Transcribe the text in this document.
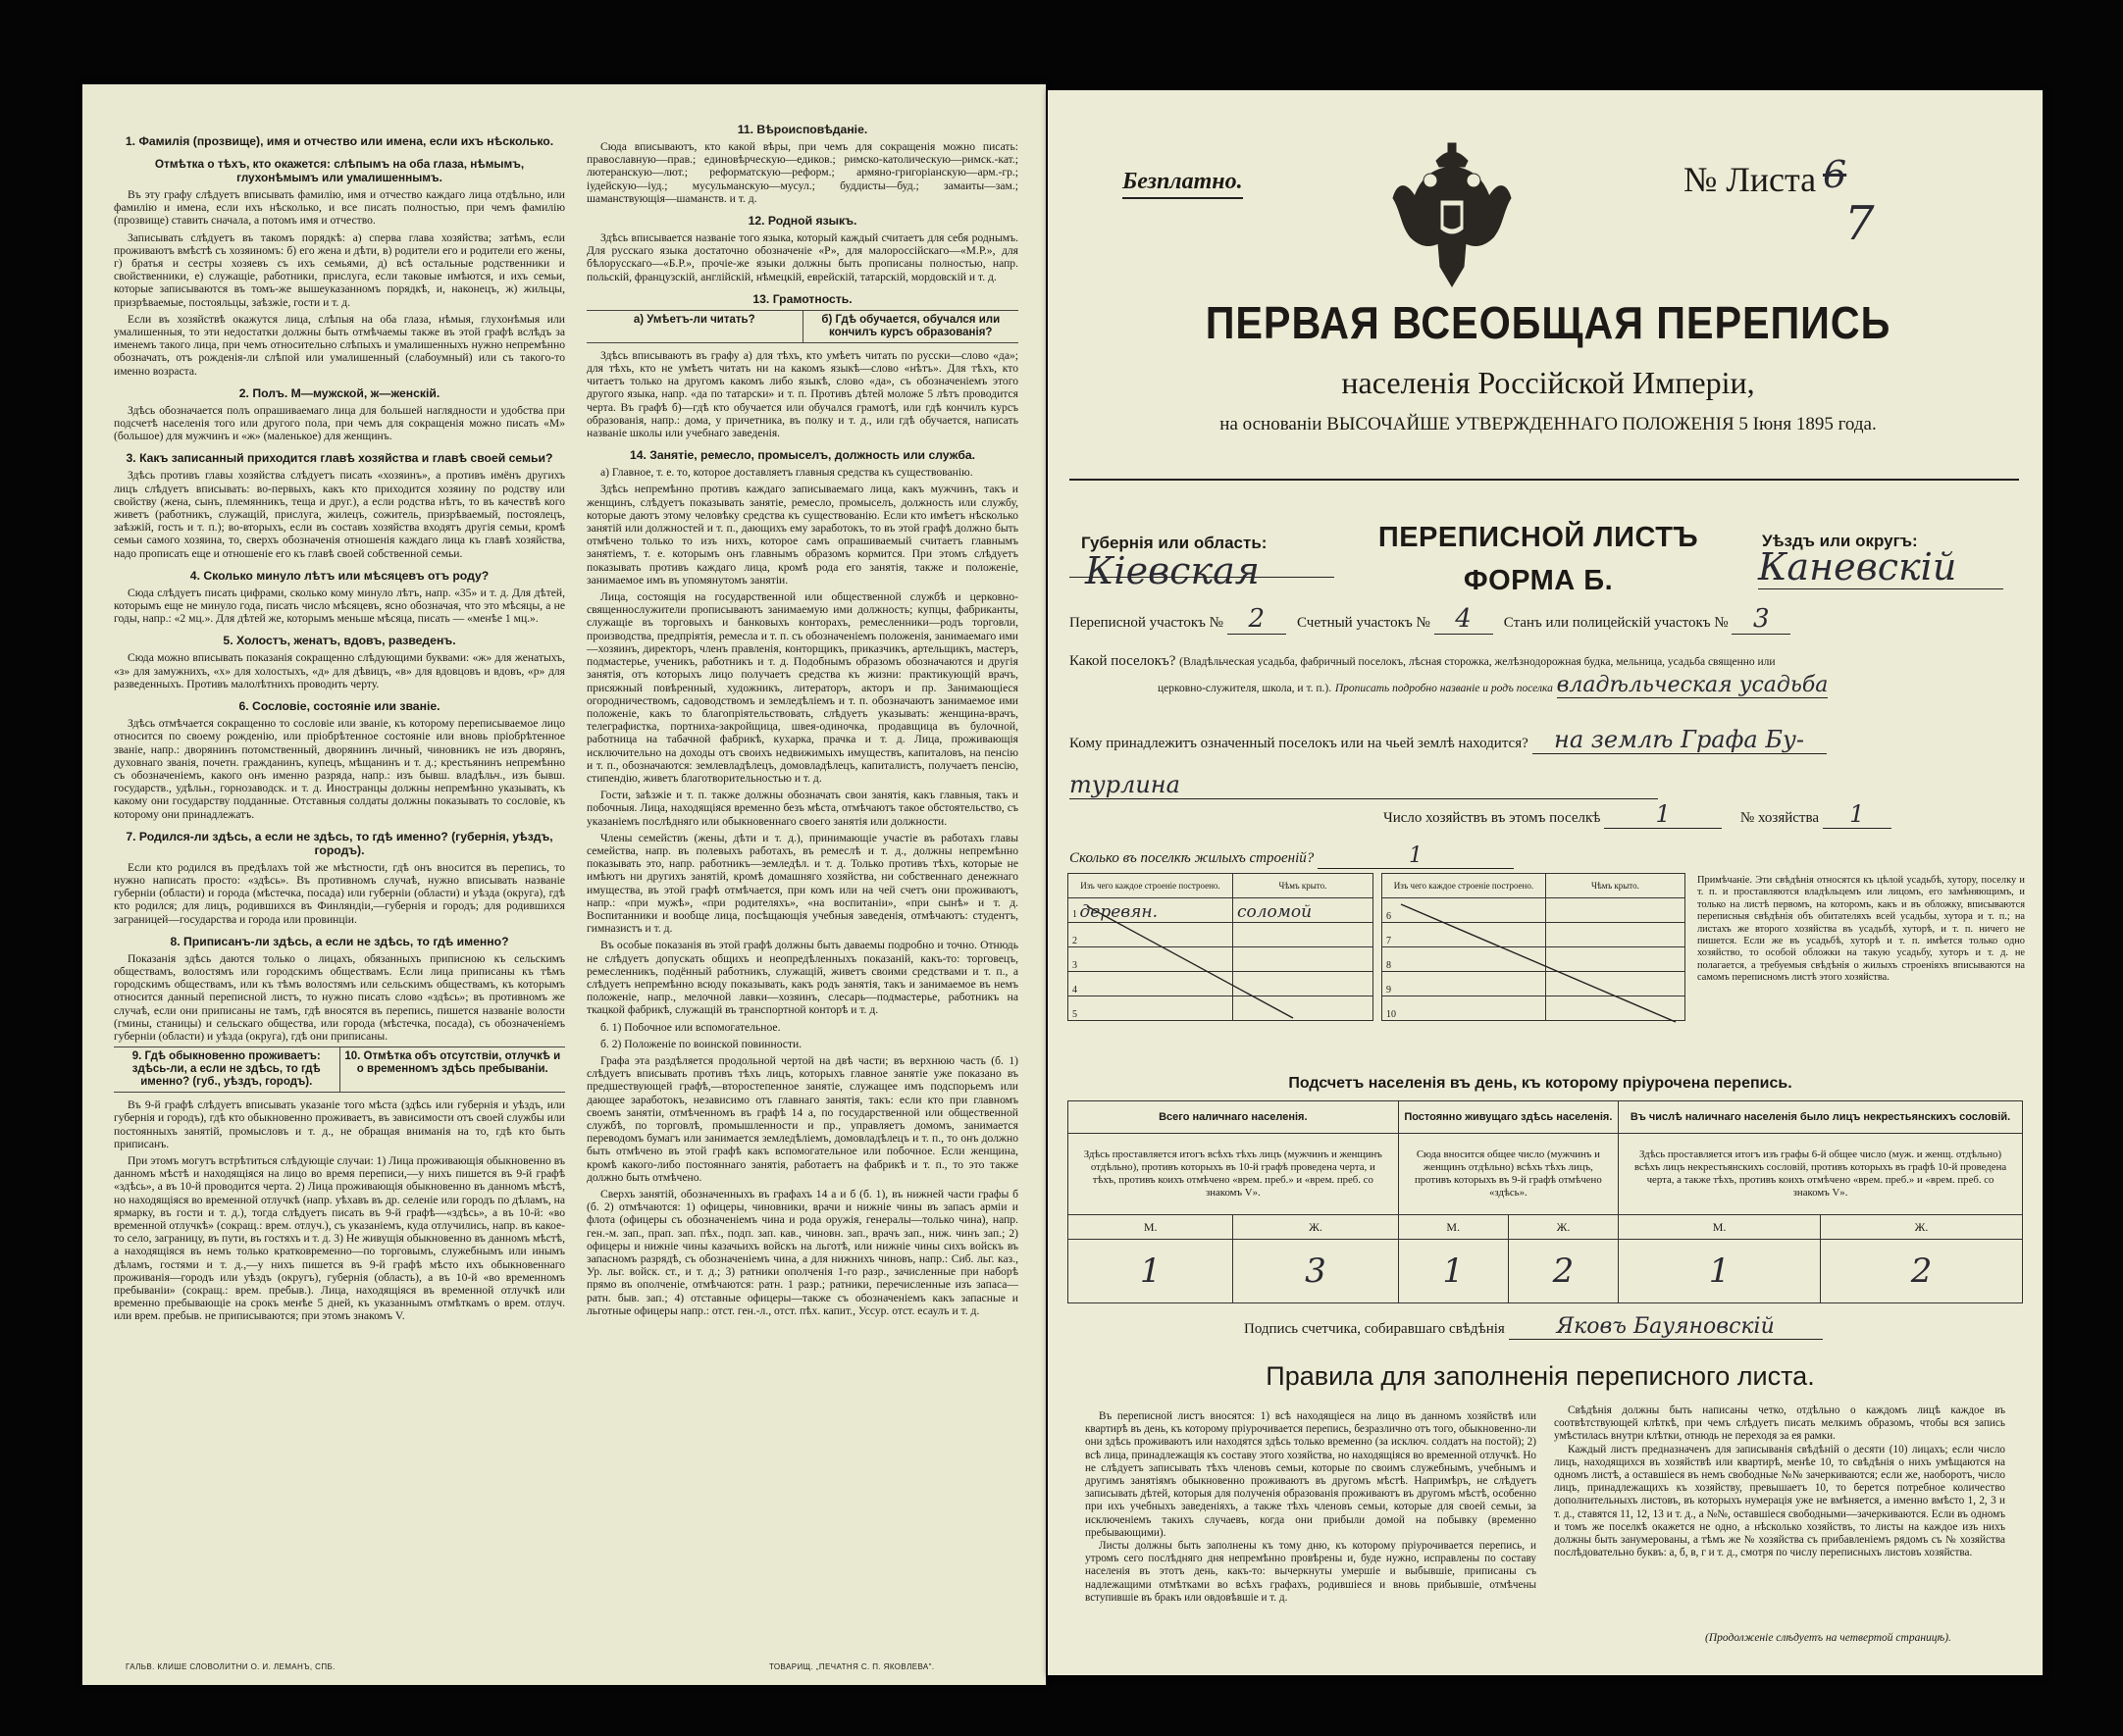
1. Фамилія (прозвище), имя и отчество или имена, если ихъ нѣсколько.
Отмѣтка о тѣхъ, кто окажется: слѣпымъ на оба глаза, нѣмымъ, глухонѣмымъ или умалишеннымъ.

Въ эту графу слѣдуетъ вписывать фамилію, имя и отчество каждаго лица отдѣльно, или фамилію и имена, если ихъ нѣсколько, и все писать полностью, при чемъ фамилію (прозвище) ставить сначала, а потомъ имя и отчество.

Записывать слѣдуетъ въ такомъ порядкѣ: а) сперва глава хозяйства; затѣмъ, если проживаютъ вмѣстѣ съ хозяиномъ: б) его жена и дѣти, в) родители его и родители его жены, г) братья и сестры хозяевъ съ ихъ семьями, д) всѣ остальные родственники и свойственники, е) служащіе, работники, прислуга, если таковые имѣются, и ихъ семьи, которые записываются въ томъ-же вышеуказанномъ порядкѣ, и, наконецъ, ж) жильцы, призрѣваемые, постояльцы, заѣзжіе, гости и т. д.

Если въ хозяйствѣ окажутся лица, слѣпыя на оба глаза, нѣмыя, глухонѣмыя или умалишенныя, то эти недостатки должны быть отмѣчаемы также въ этой графѣ вслѣдъ за именемъ такого лица, при чемъ относительно слѣпыхъ и умалишенныхъ нужно непремѣнно обозначать, отъ рожденія-ли слѣпой или умалишенный (слабоумный) или съ такого-то именно возраста.

2. Полъ. М—мужской, ж—женскій.

Здѣсь обозначается полъ опрашиваемаго лица для большей наглядности и удобства при подсчетѣ населенія того или другого пола, при чемъ для сокращенія можно писать «М» (большое) для мужчинъ и «ж» (маленькое) для женщинъ.

3. Какъ записанный приходится главѣ хозяйства и главѣ своей семьи?

Здѣсь противъ главы хозяйства слѣдуетъ писать «хозяинъ», а противъ имёнъ другихъ лицъ слѣдуетъ вписывать: во-первыхъ, какъ кто приходится хозяину по родству или свойству (жена, сынъ, племянникъ, теща и друг.), а если родства нѣтъ, то въ качествѣ кого живетъ (работникъ, служащій, прислуга, жилецъ, сожитель, призрѣваемый, постоялецъ, заѣзжій, гость и т. п.); во-вторыхъ, если въ составъ хозяйства входятъ другія семьи, кромѣ семьи самого хозяина, то, сверхъ обозначенія отношенія каждаго лица къ главѣ хозяйства, надо прописать еще и отношеніе его къ главѣ своей собственной семьи.

4. Сколько минуло лѣтъ или мѣсяцевъ отъ роду?

Сюда слѣдуетъ писать цифрами, сколько кому минуло лѣтъ, напр. «35» и т. д. Для дѣтей, которымъ еще не минуло года, писать число мѣсяцевъ, ясно обозначая, что это мѣсяцы, а не годы, напр.: «2 мц.». Для дѣтей же, которымъ меньше мѣсяца, писать — «менѣе 1 мц.».

5. Холостъ, женатъ, вдовъ, разведенъ.

Сюда можно вписывать показанія сокращенно слѣдующими буквами: «ж» для женатыхъ, «з» для замужнихъ, «х» для холостыхъ, «д» для дѣвицъ, «в» для вдовцовъ и вдовъ, «р» для разведенныхъ. Противъ малолѣтнихъ проводить черту.

6. Сословіе, состояніе или званіе.

Здѣсь отмѣчается сокращенно то сословіе или званіе, къ которому переписываемое лицо относится по своему рожденію, или пріобрѣтенное состояніе или вновь пріобрѣтенное званіе, напр.: дворянинъ потомственный, дворянинъ личный, чиновникъ не изъ дворянъ, духовнаго званія, почетн. гражданинъ, купецъ, мѣщанинъ и т. д.; крестьянинъ непремѣнно съ обозначеніемъ, какого онъ именно разряда, напр.: изъ бывш. владѣльч., изъ бывш. государств., удѣльн., горнозаводск. и т. д. Иностранцы должны непремѣнно указывать, къ какому они государству подданные. Отставныя солдаты должны показывать то сословіе, къ которому они принадлежатъ.

7. Родился-ли здѣсь, а если не здѣсь, то гдѣ именно? (губернія, уѣздъ, городъ).

Если кто родился въ предѣлахъ той же мѣстности, гдѣ онъ вносится въ перепись, то нужно написать просто: «здѣсь». Въ противномъ случаѣ, нужно вписывать названіе губерніи (области) и города (мѣстечка, посада) или губерніи (области) и уѣзда (округа), гдѣ кто родился; для лицъ, родившихся въ Финляндіи,—губернія и городъ; для родившихся заграницей—государства и города или провинціи.

8. Приписанъ-ли здѣсь, а если не здѣсь, то гдѣ именно?

Показанія здѣсь даются только о лицахъ, обязанныхъ приписною къ сельскимъ обществамъ, волостямъ или городскимъ обществамъ. Если лица приписаны къ тѣмъ городскимъ обществамъ, или къ тѣмъ волостямъ или сельскимъ обществамъ, къ которымъ относится данный переписной листъ, то нужно писать слово «здѣсь»; въ противномъ же случаѣ, если они приписаны не тамъ, гдѣ вносятся въ перепись, пишется названіе волости (гмины, станицы) и сельскаго общества, или города (мѣстечка, посада), съ обозначеніемъ губерніи (области) и уѣзда (округа), гдѣ они приписаны.

9. Гдѣ обыкновенно проживаетъ: здѣсь-ли, а если не здѣсь, то гдѣ именно? (губ., уѣздъ, городъ).
10. Отмѣтка объ отсутствіи, отлучкѣ и о временномъ здѣсь пребываніи.

Въ 9-й графѣ слѣдуетъ вписывать указаніе того мѣста (здѣсь или губернія и уѣздъ, или губернія и городъ), гдѣ кто обыкновенно проживаетъ, въ зависимости отъ своей службы или постоянныхъ занятій, промысловъ и т. д., не обращая вниманія на то, гдѣ кто быть приписанъ.

При этомъ могутъ встрѣтиться слѣдующіе случаи: 1) Лица проживающія обыкновенно въ данномъ мѣстѣ и находящіяся на лицо во время переписи,—у нихъ пишется въ 9-й графѣ «здѣсь», а въ 10-й проводится черта. 2) Лица проживающія обыкновенно въ данномъ мѣстѣ, но находящіяся во временной отлучкѣ (напр. уѣхавъ въ др. селеніе или городъ по дѣламъ, на ярмарку, въ гости и т. д.), тогда слѣдуетъ писать въ 9-й графѣ—«здѣсь», а въ 10-й: «во временной отлучкѣ» (сокращ.: врем. отлуч.), съ указаніемъ, куда отлучились, напр. въ какое-то село, заграницу, въ пути, въ гостяхъ и т. д. 3) Не живущія обыкновенно въ данномъ мѣстѣ, а находящіяся въ немъ только кратковременно—по торговымъ, служебнымъ или инымъ дѣламъ, гостями и т. д.,—у нихъ пишется въ 9-й графѣ мѣсто ихъ обыкновеннаго проживанія—городъ или уѣздъ (округъ), губернія (область), а въ 10-й «во временномъ пребываніи» (сокращ.: врем. пребыв.). Лица, находящіяся въ временной отлучкѣ или временно пребывающіе на срокъ менѣе 5 дней, къ указаннымъ отмѣткамъ о врем. отлуч. или врем. пребыв. не приписываются; при этомъ знакомъ V.

11. Вѣроисповѣданіе.

Сюда вписываютъ, кто какой вѣры, при чемъ для сокращенія можно писать: православную—прав.; единовѣрческую—едиков.; римско-католическую—римск.-кат.; лютеранскую—лют.; реформатскую—реформ.; армяно-григоріанскую—арм.-гр.; іудейскую—іуд.; мусульманскую—мусул.; буддисты—буд.; замаиты—зам.; шаманствующія—шаманств. и т. д.

12. Родной языкъ.

Здѣсь вписывается названіе того языка, который каждый считаетъ для себя роднымъ. Для русскаго языка достаточно обозначеніе «Р», для малороссійскаго—«М.Р.», для бѣлорусскаго—«Б.Р.», прочіе-же языки должны быть прописаны полностью, напр. польскій, французскій, англійскій, нѣмецкій, еврейскій, татарскій, мордовскій и т. д.

13. Грамотность.
а) Умѣетъ-ли читать?	б) Гдѣ обучается, обучался или кончилъ курсъ образованія?

Здѣсь вписываютъ въ графу а) для тѣхъ, кто умѣетъ читать по русски—слово «да»; для тѣхъ, кто не умѣетъ читать ни на какомъ языкѣ—слово «нѣтъ». Для тѣхъ, кто читаетъ только на другомъ какомъ либо языкѣ, слово «да», съ обозначеніемъ этого другого языка, напр. «да по татарски» и т. п. Противъ дѣтей моложе 5 лѣтъ проводится черта. Въ графѣ б)—гдѣ кто обучается или обучался грамотѣ, или гдѣ кончилъ курсъ образованія, напр.: дома, у причетника, въ полку и т. д., или гдѣ обучается, написать названіе школы или учебнаго заведенія.

14. Занятіе, ремесло, промыселъ, должность или служба.

а) Главное, т. е. то, которое доставляетъ главныя средства къ существованію.

Здѣсь непремѣнно противъ каждаго записываемаго лица, какъ мужчинъ, такъ и женщинъ, слѣдуетъ показывать занятіе, ремесло, промыселъ, должность или службу, которые даютъ этому человѣку средства къ существованію. Если кто имѣетъ нѣсколько занятій или должностей и т. п., дающихъ ему заработокъ, то въ этой графѣ должно быть отмѣчено только то изъ нихъ, которое самъ опрашиваемый считаетъ главнымъ занятіемъ, т. е. которымъ онъ главнымъ образомъ кормится. При этомъ слѣдуетъ показывать противъ каждаго лица, кромѣ рода его занятія, также и положеніе, занимаемое имъ въ упомянутомъ занятіи.

Лица, состоящія на государственной или общественной службѣ и церковно-священнослужители прописываютъ занимаемую ими должность; купцы, фабриканты, служащіе въ торговыхъ и банковыхъ конторахъ, ремесленники—родъ торговли, производства, предпріятія, ремесла и т. п. съ обозначеніемъ положенія, занимаемаго ими—хозяинъ, директоръ, членъ правленія, конторщикъ, приказчикъ, артельщикъ, мастеръ, подмастерье, ученикъ, работникъ и т. д. Подобнымъ образомъ обозначаются и другія занятія, отъ которыхъ лицо получаетъ средства къ жизни: практикующій врачъ, присяжный повѣренный, художникъ, литераторъ, акторъ и пр. Занимающіеся огородничествомъ, садоводствомъ и земледѣліемъ и т. п. обозначаютъ занимаемое ими положеніе, какъ то благопріятельствовать, слѣдуетъ указывать: женщина-врачъ, телеграфистка, портниха-закройщица, швея-одиночка, продавщица въ булочной, работница на табачной фабрикѣ, кухарка, прачка и т. д. Лица, проживающія исключительно на доходы отъ своихъ недвижимыхъ имуществъ, капиталовъ, на пенсію и т. п., обозначаются: землевладѣлецъ, домовладѣлецъ, капиталистъ, получаетъ пенсію, стипендію, живетъ благотворительностью и т. д.

Гости, заѣзжіе и т. п. также должны обозначать свои занятія, какъ главныя, такъ и побочныя. Лица, находящіяся временно безъ мѣста, отмѣчаютъ такое обстоятельство, съ указаніемъ послѣдняго или обыкновеннаго своего занятія или должности.

Члены семействъ (жены, дѣти и т. д.), принимающіе участіе въ работахъ главы семейства, напр. въ полевыхъ работахъ, въ ремеслѣ и т. д., должны непремѣнно показывать это, напр. работникъ—земледѣл. и т. д. Только противъ тѣхъ, которые не имѣютъ ни другихъ занятій, кромѣ домашняго хозяйства, ни собственнаго денежнаго имущества, въ этой графѣ отмѣчается, при комъ или на чей счетъ они проживаютъ, напр.: «при мужѣ», «при родителяхъ», «на воспитаніи», «при сынѣ» и т. д. Воспитанники и вообще лица, посѣщающія учебныя заведенія, отмѣчаютъ: студентъ, гимназистъ и т. д.

Въ особые показанія въ этой графѣ должны быть даваемы подробно и точно. Отнюдь не слѣдуетъ допускать общихъ и неопредѣленныхъ показаній, какъ-то: торговецъ, ремесленникъ, подённый работникъ, служащій, живетъ своими средствами и т. п., а слѣдуетъ непремѣнно всюду показывать, какъ родъ занятія, такъ и занимаемое въ немъ положеніе, напр., мелочной лавки—хозяинъ, слесарь—подмастерье, работникъ на ткацкой фабрикѣ, служащій въ транспортной конторѣ и т. д.

б. 1) Побочное или вспомогательное.

б. 2) Положеніе по воинской повинности.

Графа эта раздѣляется продольной чертой на двѣ части; въ верхнюю часть (б. 1) слѣдуетъ вписывать противъ тѣхъ лицъ, которыхъ главное занятіе уже показано въ предшествующей графѣ,—второстепенное занятіе, служащее имъ подспорьемъ или дающее заработокъ, независимо отъ главнаго занятія, такъ: если кто при главномъ своемъ занятіи, отмѣченномъ въ графѣ 14 а, по государственной или общественной службѣ, по торговлѣ, промышленности и пр., управляетъ домомъ, занимается переводомъ бумагъ или занимается земледѣліемъ, домовладѣлецъ и т. п., то онъ должно быть отмѣчено въ этой графѣ какъ вспомогательное или побочное. Если женщина, кромѣ какого-либо постояннаго занятія, работаетъ на фабрикѣ и т. п., то это также должно быть отмѣчено.

Сверхъ занятій, обозначенныхъ въ графахъ 14 а и б (б. 1), въ нижней части графы б (б. 2) отмѣчаются: 1) офицеры, чиновники, врачи и нижніе чины въ запасъ арміи и флота (офицеры съ обозначеніемъ чина и рода оружія, генералы—только чина), напр. ген.-м. зап., прап. зап. пѣх., подп. зап. кав., чиновн. зап., врачъ зап., ниж. чинъ зап.; 2) офицеры и нижніе чины казачьихъ войскъ на льготѣ, или нижніе чины сихъ войскъ въ запасномъ разрядѣ, съ обозначеніемъ чина, а для нижнихъ чиновъ, напр.: Сиб. льг. каз., Ур. льг. войск. ст., и т. д.; 3) ратники ополченія 1-го разр., зачисленные при наборѣ прямо въ ополченіе, отмѣчаются: ратн. 1 разр.; ратники, перечисленные изъ запаса—ратн. быв. зап.; 4) отставные офицеры—также съ обозначеніемъ какъ запасные и льготные офицеры напр.: отст. ген.-л., отст. пѣх. капит., Уссур. отст. есаулъ и т. д.

ГАЛЬВ. КЛИШЕ СЛОВОЛИТНИ О. И. ЛЕМАНЪ, СПБ.	ТОВАРИЩ. „ПЕЧАТНЯ С. П. ЯКОВЛЕВА".
Безплатно.	№ Листа 6
7
ПЕРВАЯ ВСЕОБЩАЯ ПЕРЕПИСЬ
населенія Россійской Имперіи,
на основаніи ВЫСОЧАЙШЕ УТВЕРЖДЕННАГО ПОЛОЖЕНІЯ 5 Іюня 1895 года.
Губернія или область:
Кіевская
ПЕРЕПИСНОЙ ЛИСТЪ
ФОРМА Б.
Уѣздъ или округъ:
Каневскій
Переписной участокъ № 2 Счетный участокъ № 4 Станъ или полицейскій участокъ № 3
Какой поселокъ? (Владѣльческая усадьба, фабричный поселокъ, лѣсная сторожка, желѣзнодорожная будка, мельница, усадьба священно или
церковно-служителя, школа, и т. п.). Прописать подробно названіе и родъ поселка владѣльческая усадьба
Кому принадлежитъ означенный поселокъ или на чьей землѣ находится? на землѣ Графа Бу-
турлина
Число хозяйствъ въ этомъ поселкѣ 1	№ хозяйства 1
Сколько въ поселкѣ жилыхъ строеній?	1
Изъ чего каждое строеніе построено.	Чѣмъ крыто.
1 деревян.	соломой
2	
3	
4	
5	
Изъ чего каждое строеніе построено.	Чѣмъ крыто.
6	
7	
8	
9	
10	
Примѣчаніе. Эти свѣдѣнія относятся къ цѣлой усадьбѣ, хутору, поселку и т. п. и проставляются владѣльцемъ или лицомъ, его замѣняющимъ, и только на листѣ первомъ, на которомъ, какъ и въ обложку, вписываются переписныя свѣдѣнія объ обитателяхъ всей усадьбы, хутора и т. п.; на листахъ же второго хозяйства въ усадьбѣ, хуторѣ, и т. п. ничего не пишется. Если же въ усадьбѣ, хуторѣ и т. п. имѣется только одно хозяйство, то особой обложки на такую усадьбу, хуторъ и т. д. не полагается, а требуемыя свѣдѣнія о жилыхъ строеніяхъ вписываются на самомъ переписномъ листѣ этого хозяйства.
Подсчетъ населенія въ день, къ которому пріурочена перепись.
Всего наличнаго населенія.		Постоянно живущаго здѣсь населенія.		Въ числѣ наличнаго населенія было лицъ некрестьянскихъ сословій.	
Здѣсь проставляется итогъ всѣхъ тѣхъ лицъ (мужчинъ и женщинъ отдѣльно), противъ которыхъ въ 10-й графѣ проведена черта, и тѣхъ, противъ коихъ отмѣчено «врем. преб.» и «врем. преб. со знакомъ V».		Сюда вносится общее число (мужчинъ и женщинъ отдѣльно) всѣхъ тѣхъ лицъ, противъ которыхъ въ 9-й графѣ отмѣчено «здѣсь».		Здѣсь проставляется итогъ изъ графы 6-й общее число (муж. и женщ. отдѣльно) всѣхъ лицъ некрестьянскихъ сословій, противъ которыхъ въ графѣ 10-й проведена черта, а также тѣхъ, противъ коихъ отмѣчено «врем. преб.» и «врем. преб. со знакомъ V».	
М.	Ж.	М.	Ж.	М.	Ж.
1	3	1	2	1	2
Подпись счетчика, собиравшаго свѣдѣнія Яковъ Бауяновскій
Правила для заполненія переписного листа.

Въ переписной листъ вносятся: 1) всѣ находящіеся на лицо въ данномъ хозяйствѣ или квартирѣ въ день, къ которому пріурочивается перепись, безразлично отъ того, обыкновенно-ли они здѣсь проживаютъ или находятся здѣсь только временно (за исключ. солдатъ на постой); 2) всѣ лица, принадлежащія къ составу этого хозяйства, но находящіяся во временной отлучкѣ. Но не слѣдуетъ записывать тѣхъ членовъ семьи, которые по своимъ служебнымъ, учебнымъ и другимъ занятіямъ обыкновенно проживаютъ въ другомъ мѣстѣ. Напримѣръ, не слѣдуетъ записывать дѣтей, которыя для полученія образованія проживаютъ въ другомъ мѣстѣ, особенно при ихъ учебныхъ заведеніяхъ, а также тѣхъ членовъ семьи, которые для своей семьи, за исключеніемъ такихъ случаевъ, когда они прибыли домой на побывку (временно пребывающими).

Листы должны быть заполнены къ тому дню, къ которому пріурочивается перепись, и утромъ сего послѣдняго дня непремѣнно провѣрены и, буде нужно, исправлены по составу населенія въ этотъ день, какъ-то: вычеркнуты умершіе и выбывшіе, приписаны съ надлежащими отмѣтками во всѣхъ графахъ, родившіеся и вновь прибывшіе, отмѣчены вступившіе въ бракъ или овдовѣвшіе и т. д.

Свѣдѣнія должны быть написаны четко, отдѣльно о каждомъ лицѣ каждое въ соотвѣтствующей клѣткѣ, при чемъ слѣдуетъ писать мелкимъ образомъ, чтобы вся запись умѣстилась внутри клѣтки, отнюдь не переходя за ея рамки.

Каждый листъ предназначенъ для записыванія свѣдѣній о десяти (10) лицахъ; если число лицъ, находящихся въ хозяйствѣ или квартирѣ, менѣе 10, то свѣдѣнія о нихъ умѣщаются на одномъ листѣ, а оставшіеся въ немъ свободные №№ зачеркиваются; если же, наоборотъ, число лицъ, принадлежащихъ къ хозяйству, превышаетъ 10, то берется потребное количество дополнительныхъ листовъ, въ которыхъ нумерація уже не вмѣняется, а именно вмѣсто 1, 2, 3 и т. д., ставятся 11, 12, 13 и т. д., а №№, оставшіеся свободными—зачеркиваются. Если въ одномъ и томъ же поселкѣ окажется не одно, а нѣсколько хозяйствъ, то листы на каждое изъ нихъ должны быть занумерованы, а тѣмъ же № хозяйства съ прибавленіемъ рядомъ съ № хозяйства послѣдовательно буквъ: а, б, в, г и т. д., смотря по числу переписныхъ листовъ хозяйства.

(Продолженіе слѣдуетъ на четвертой страницѣ).
